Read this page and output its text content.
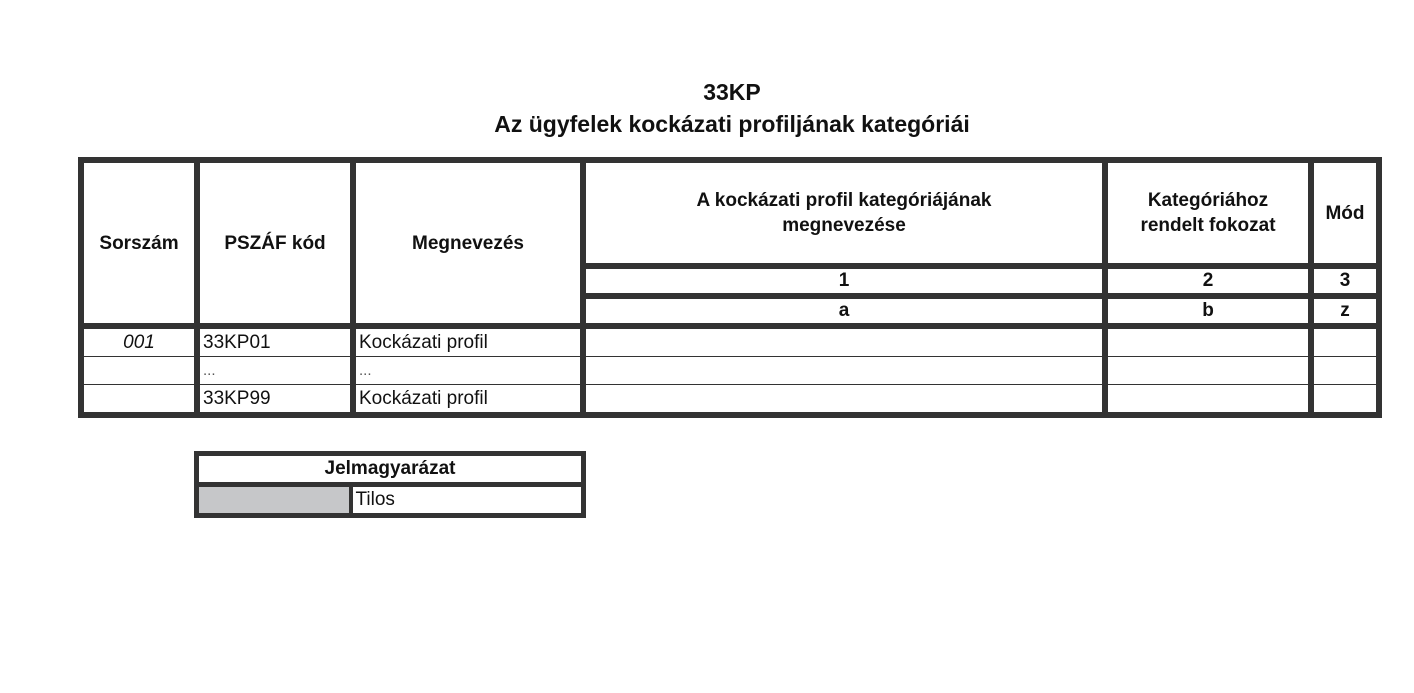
33KP
Az ügyfelek kockázati profiljának kategóriái
Sorszám	PSZÁF kód	Megnevezés	A kockázati profil kategóriájának megnevezése	Kategóriához rendelt fokozat	Mód
			1	2	3
			a	b	z
001	33KP01	Kockázati profil			
	...	...			
	33KP99	Kockázati profil			
Jelmagyarázat
	Tilos
